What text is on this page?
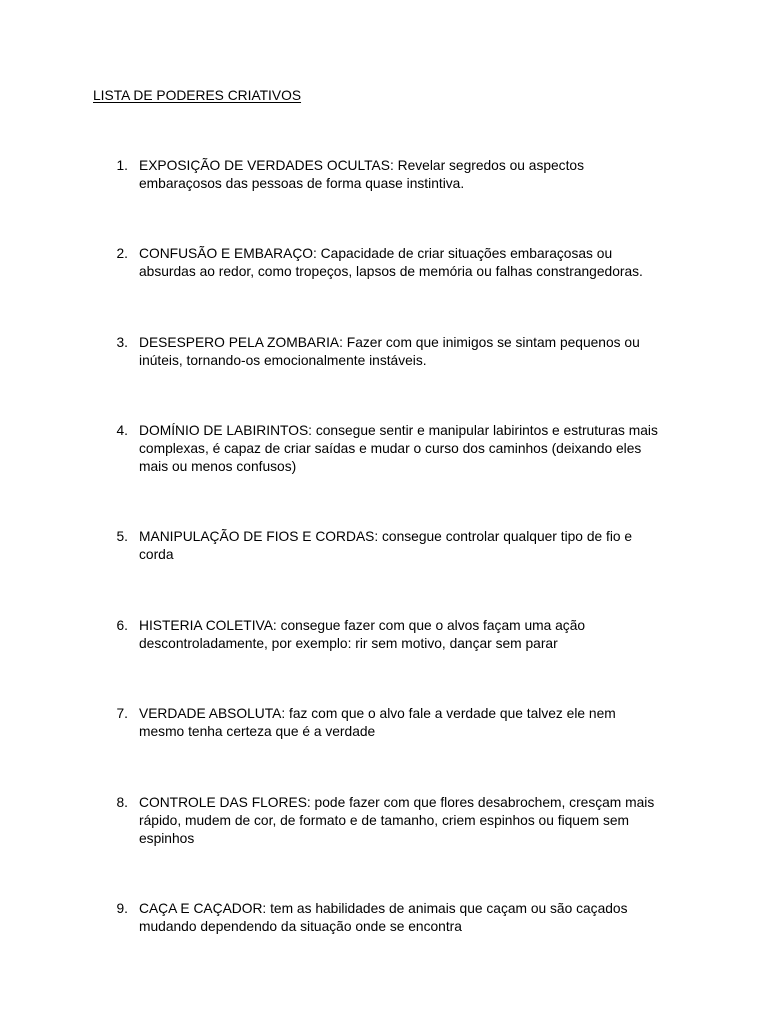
LISTA DE PODERES CRIATIVOS
1. EXPOSIÇÃO DE VERDADES OCULTAS: Revelar segredos ou aspectos
embaraçosos das pessoas de forma quase instintiva.
2. CONFUSÃO E EMBARAÇO: Capacidade de criar situações embaraçosas ou
absurdas ao redor, como tropeços, lapsos de memória ou falhas constrangedoras.
3. DESESPERO PELA ZOMBARIA: Fazer com que inimigos se sintam pequenos ou
inúteis, tornando-os emocionalmente instáveis.
4. DOMÍNIO DE LABIRINTOS: consegue sentir e manipular labirintos e estruturas mais
complexas, é capaz de criar saídas e mudar o curso dos caminhos (deixando eles
mais ou menos confusos)
5. MANIPULAÇÃO DE FIOS E CORDAS: consegue controlar qualquer tipo de fio e
corda
6. HISTERIA COLETIVA: consegue fazer com que o alvos façam uma ação
descontroladamente, por exemplo: rir sem motivo, dançar sem parar
7. VERDADE ABSOLUTA: faz com que o alvo fale a verdade que talvez ele nem
mesmo tenha certeza que é a verdade
8. CONTROLE DAS FLORES: pode fazer com que flores desabrochem, cresçam mais
rápido, mudem de cor, de formato e de tamanho, criem espinhos ou fiquem sem
espinhos
9. CAÇA E CAÇADOR: tem as habilidades de animais que caçam ou são caçados
mudando dependendo da situação onde se encontra
